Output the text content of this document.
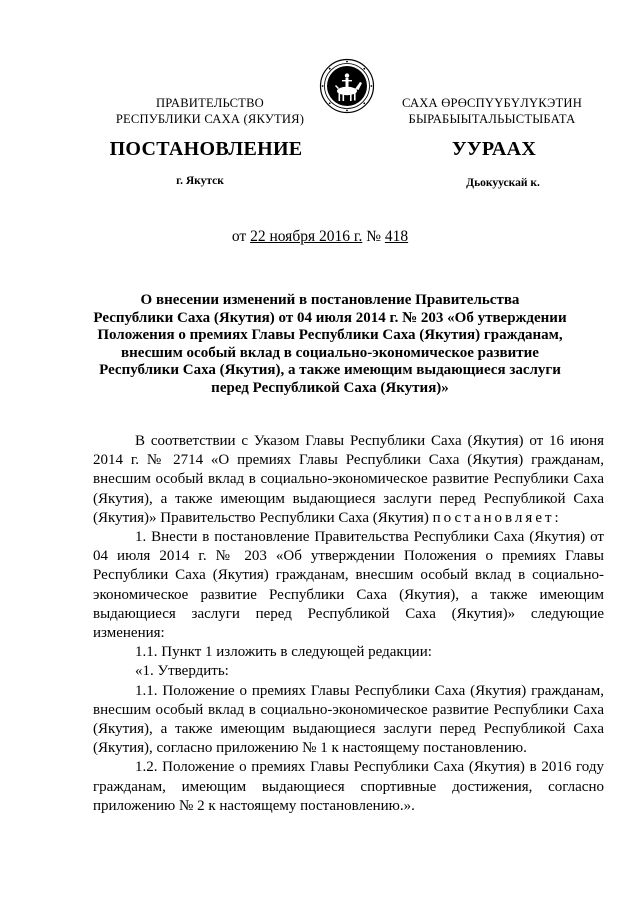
ПРАВИТЕЛЬСТВО
РЕСПУБЛИКИ САХА (ЯКУТИЯ)
САХА ӨРӨСПҮҮБҮЛҮКЭТИН
БЫРАБЫЫТАЛЬЫСТЫБАТА
ПОСТАНОВЛЕНИЕ	УУРААХ
г. Якутск	Дьокуускай к.
от 22 ноября 2016 г. № 418
О внесении изменений в постановление Правительства
Республики Саха (Якутия) от 04 июля 2014 г. № 203 «Об утверждении
Положения о премиях Главы Республики Саха (Якутия) гражданам,
внесшим особый вклад в социально-экономическое развитие
Республики Саха (Якутия), а также имеющим выдающиеся заслуги
перед Республикой Саха (Якутия)»

В соответствии с Указом Главы Республики Саха (Якутия) от 16 июня 2014 г. № 2714 «О премиях Главы Республики Саха (Якутия) гражданам, внесшим особый вклад в социально-экономическое развитие Республики Саха (Якутия), а также имеющим выдающиеся заслуги перед Республикой Саха (Якутия)» Правительство Республики Саха (Якутия) постановляет:

1. Внести в постановление Правительства Республики Саха (Якутия) от 04 июля 2014 г. № 203 «Об утверждении Положения о премиях Главы Республики Саха (Якутия) гражданам, внесшим особый вклад в социально-экономическое развитие Республики Саха (Якутия), а также имеющим выдающиеся заслуги перед Республикой Саха (Якутия)» следующие изменения:

1.1. Пункт 1 изложить в следующей редакции:

«1. Утвердить:

1.1. Положение о премиях Главы Республики Саха (Якутия) гражданам, внесшим особый вклад в социально-экономическое развитие Республики Саха (Якутия), а также имеющим выдающиеся заслуги перед Республикой Саха (Якутия), согласно приложению № 1 к настоящему постановлению.

1.2. Положение о премиях Главы Республики Саха (Якутия) в 2016 году гражданам, имеющим выдающиеся спортивные достижения, согласно приложению № 2 к настоящему постановлению.».
